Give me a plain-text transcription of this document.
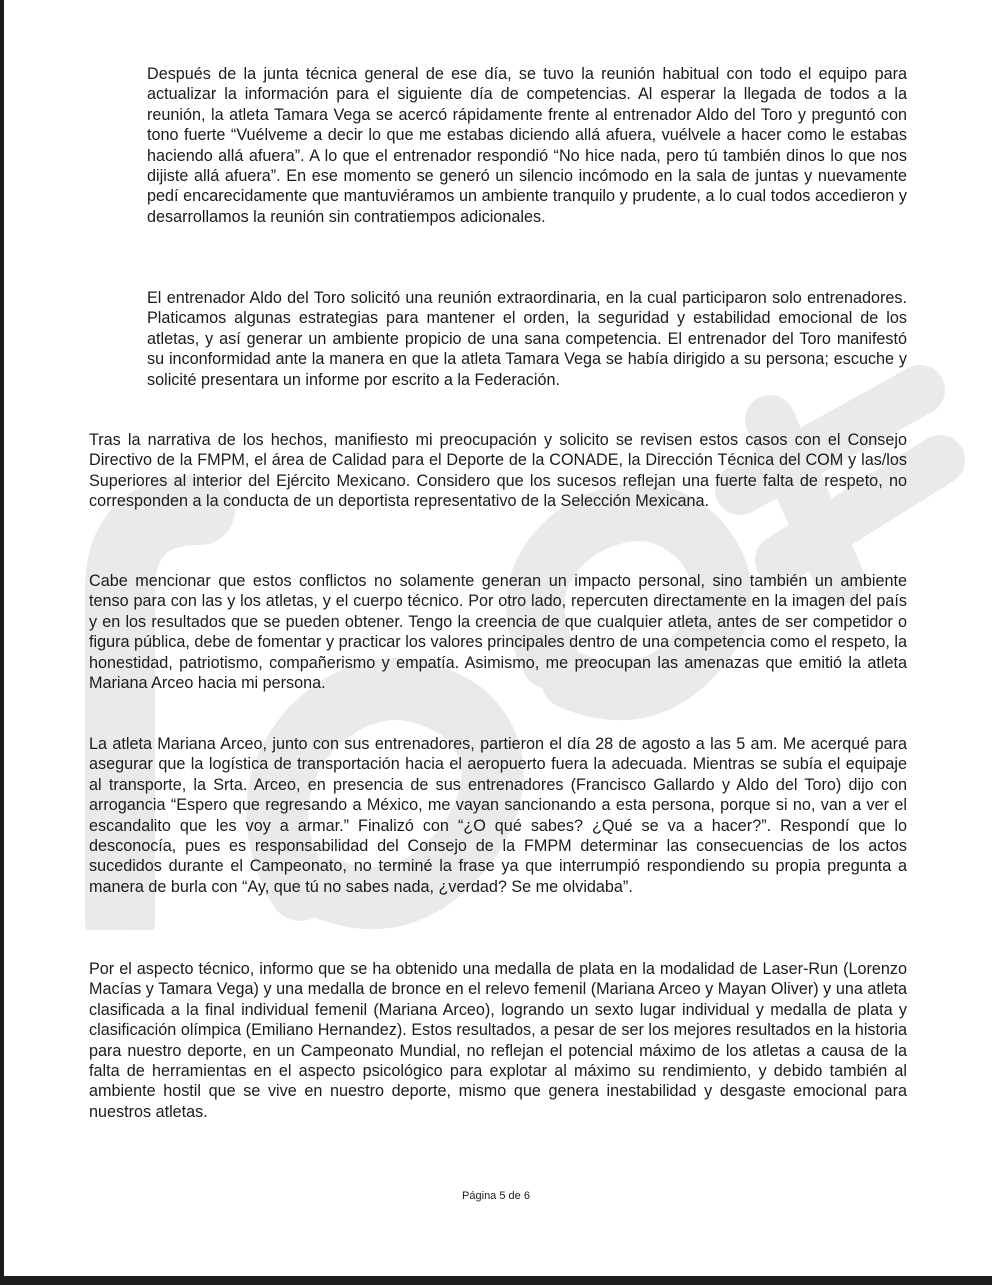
Después de la junta técnica general de ese día, se tuvo la reunión habitual con todo el equipo para actualizar la información para el siguiente día de competencias. Al esperar la llegada de todos a la reunión, la atleta Tamara Vega se acercó rápidamente frente al entrenador Aldo del Toro y preguntó con tono fuerte “Vuélveme a decir lo que me estabas diciendo allá afuera, vuélvele a hacer como le estabas haciendo allá afuera”. A lo que el entrenador respondió “No hice nada, pero tú también dinos lo que nos dijiste allá afuera”. En ese momento se generó un silencio incómodo en la sala de juntas y nuevamente pedí encarecidamente que mantuviéramos un ambiente tranquilo y prudente, a lo cual todos accedieron y desarrollamos la reunión sin contratiempos adicionales.

El entrenador Aldo del Toro solicitó una reunión extraordinaria, en la cual participaron solo entrenadores. Platicamos algunas estrategias para mantener el orden, la seguridad y estabilidad emocional de los atletas, y así generar un ambiente propicio de una sana competencia. El entrenador del Toro manifestó su inconformidad ante la manera en que la atleta Tamara Vega se había dirigido a su persona; escuche y solicité presentara un informe por escrito a la Federación.

Tras la narrativa de los hechos, manifiesto mi preocupación y solicito se revisen estos casos con el Consejo Directivo de la FMPM, el área de Calidad para el Deporte de la CONADE, la Dirección Técnica del COM y las/los Superiores al interior del Ejército Mexicano. Considero que los sucesos reflejan una fuerte falta de respeto, no corresponden a la conducta de un deportista representativo de la Selección Mexicana.

Cabe mencionar que estos conflictos no solamente generan un impacto personal, sino también un ambiente tenso para con las y los atletas, y el cuerpo técnico. Por otro lado, repercuten directamente en la imagen del país y en los resultados que se pueden obtener. Tengo la creencia de que cualquier atleta, antes de ser competidor o figura pública, debe de fomentar y practicar los valores principales dentro de una competencia como el respeto, la honestidad, patriotismo, compañerismo y empatía. Asimismo, me preocupan las amenazas que emitió la atleta Mariana Arceo hacia mi persona.

La atleta Mariana Arceo, junto con sus entrenadores, partieron el día 28 de agosto a las 5 am. Me acerqué para asegurar que la logística de transportación hacia el aeropuerto fuera la adecuada. Mientras se subía el equipaje al transporte, la Srta. Arceo, en presencia de sus entrenadores (Francisco Gallardo y Aldo del Toro) dijo con arrogancia “Espero que regresando a México, me vayan sancionando a esta persona, porque si no, van a ver el escandalito que les voy a armar.” Finalizó con “¿O qué sabes? ¿Qué se va a hacer?”. Respondí que lo desconocía, pues es responsabilidad del Consejo de la FMPM determinar las consecuencias de los actos sucedidos durante el Campeonato, no terminé la frase ya que interrumpió respondiendo su propia pregunta a manera de burla con “Ay, que tú no sabes nada, ¿verdad? Se me olvidaba”.

Por el aspecto técnico, informo que se ha obtenido una medalla de plata en la modalidad de Laser-Run (Lorenzo Macías y Tamara Vega) y una medalla de bronce en el relevo femenil (Mariana Arceo y Mayan Oliver) y una atleta clasificada a la final individual femenil (Mariana Arceo), logrando un sexto lugar individual y medalla de plata y clasificación olímpica (Emiliano Hernandez). Estos resultados, a pesar de ser los mejores resultados en la historia para nuestro deporte, en un Campeonato Mundial, no reflejan el potencial máximo de los atletas a causa de la falta de herramientas en el aspecto psicológico para explotar al máximo su rendimiento, y debido también al ambiente hostil que se vive en nuestro deporte, mismo que genera inestabilidad y desgaste emocional para nuestros atletas.

Página 5 de 6
